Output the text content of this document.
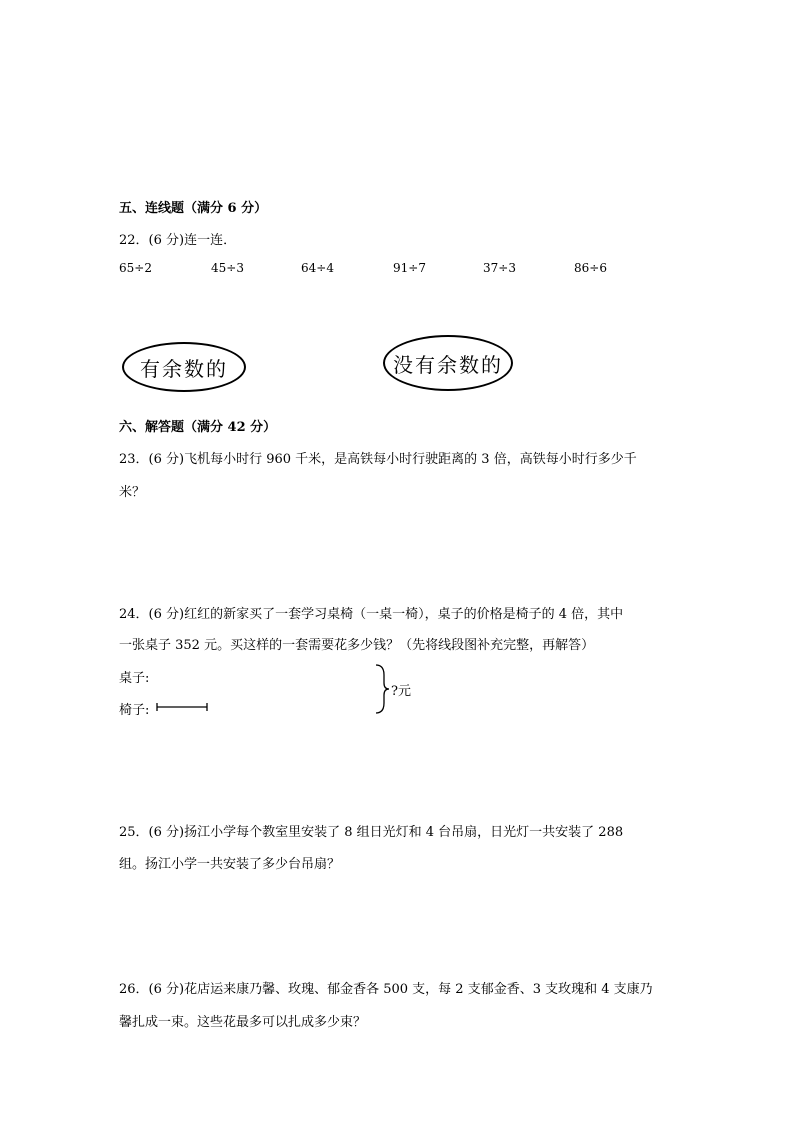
五、连线题（满分 6 分）
22．(6 分)连一连．
65÷2	45÷3	64÷4	91÷7	37÷3	86÷6
有余数的	没有余数的
六、解答题（满分 42 分）
23．(6 分)飞机每小时行 960 千米，是高铁每小时行驶距离的 3 倍，高铁每小时行多少千
米？
24．(6 分)红红的新家买了一套学习桌椅（一桌一椅），桌子的价格是椅子的 4 倍，其中
一张桌子 352 元。买这样的一套需要花多少钱？（先将线段图补充完整，再解答）
桌子:
椅子:
?元
25．(6 分)扬江小学每个教室里安装了 8 组日光灯和 4 台吊扇，日光灯一共安装了 288
组。扬江小学一共安装了多少台吊扇？
26．(6 分)花店运来康乃馨、玫瑰、郁金香各 500 支，每 2 支郁金香、3 支玫瑰和 4 支康乃
馨扎成一束。这些花最多可以扎成多少束？
